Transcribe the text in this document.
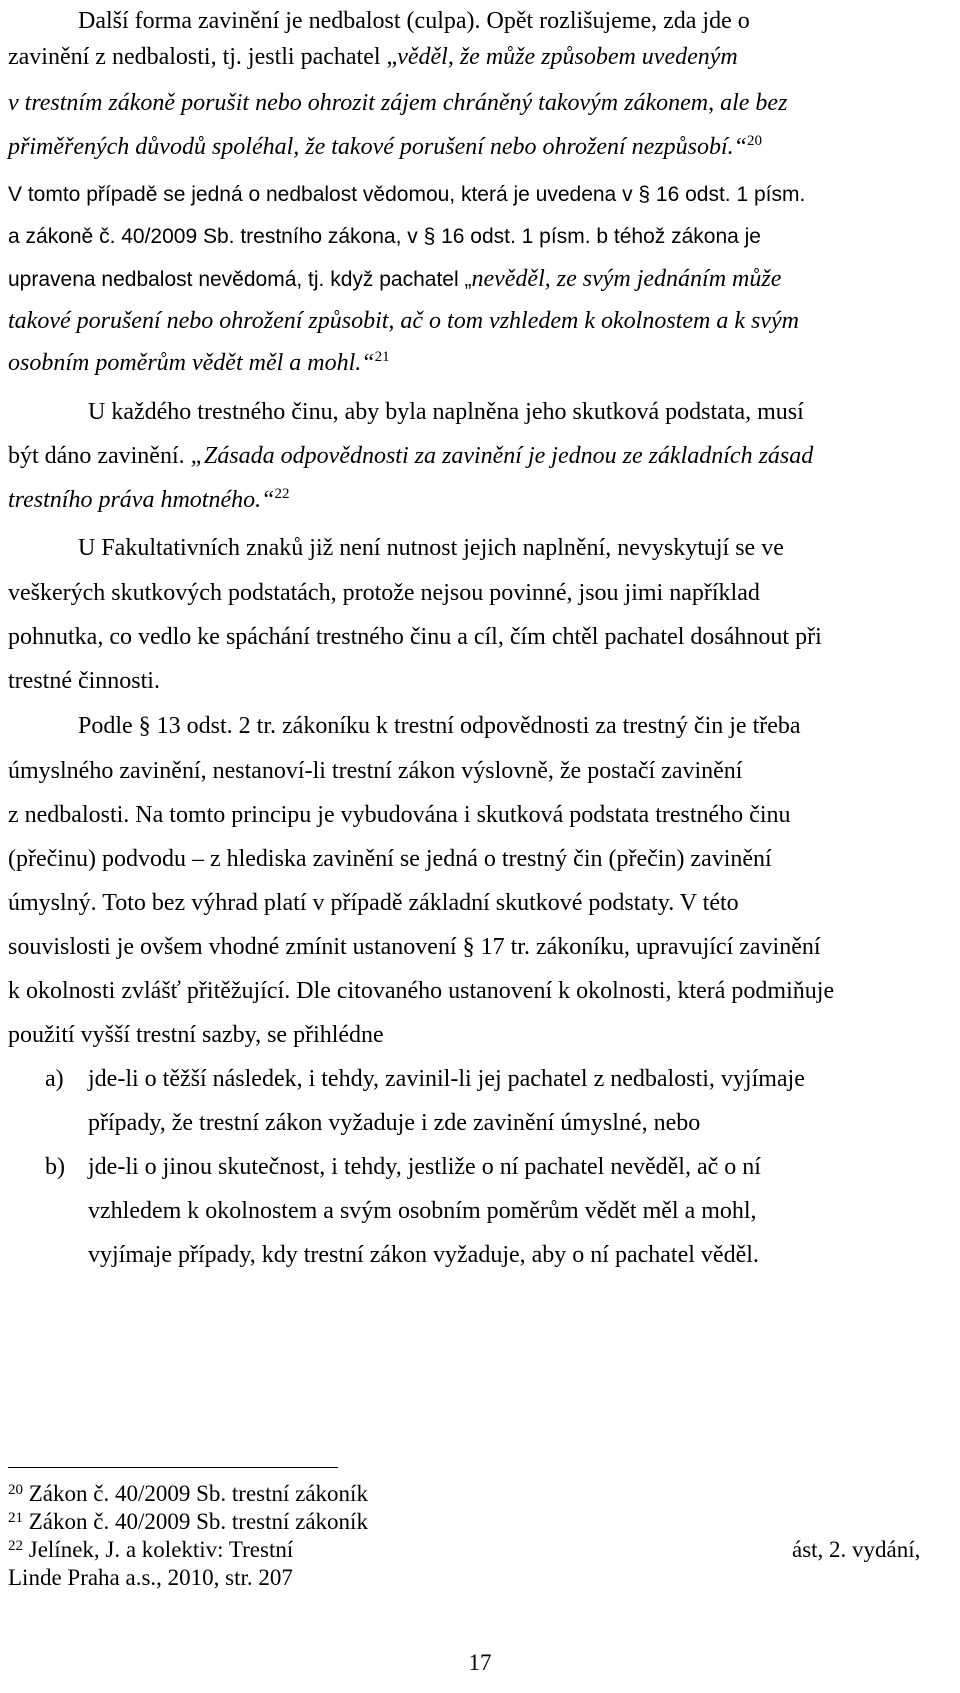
Další forma zavinění je nedbalost (culpa). Opět rozlišujeme, zda jde o
zavinění z nedbalosti, tj. jestli pachatel „věděl, že může způsobem uvedeným
v trestním zákoně porušit nebo ohrozit zájem chráněný takovým zákonem, ale bez
přiměřených důvodů spoléhal, že takové porušení nebo ohrožení nezpůsobí.“$^{20}$
V tomto případě se jedná o nedbalost vědomou, která je uvedena v § 16 odst. 1 písm.
a zákoně č. 40/2009 Sb. trestního zákona, v § 16 odst. 1 písm. b téhož zákona je
upravena nedbalost nevědomá, tj. když pachatel „nevěděl, ze svým jednáním může
takové porušení nebo ohrožení způsobit, ač o tom vzhledem k okolnostem a k svým
osobním poměrům vědět měl a mohl.“$^{21}$
U každého trestného činu, aby byla naplněna jeho skutková podstata, musí
být dáno zavinění. „Zásada odpovědnosti za zavinění je jednou ze základních zásad
trestního práva hmotného.“$^{22}$
U Fakultativních znaků již není nutnost jejich naplnění, nevyskytují se ve
veškerých skutkových podstatách, protože nejsou povinné, jsou jimi například
pohnutka, co vedlo ke spáchání trestného činu a cíl, čím chtěl pachatel dosáhnout při
trestné činnosti.
Podle § 13 odst. 2 tr. zákoníku k trestní odpovědnosti za trestný čin je třeba
úmyslného zavinění, nestanoví-li trestní zákon výslovně, že postačí zavinění
z nedbalosti. Na tomto principu je vybudována i skutková podstata trestného činu
(přečinu) podvodu – z hlediska zavinění se jedná o trestný čin (přečin) zavinění
úmyslný. Toto bez výhrad platí v případě základní skutkové podstaty. V této
souvislosti je ovšem vhodné zmínit ustanovení § 17 tr. zákoníku, upravující zavinění
k okolnosti zvlášť přitěžující. Dle citovaného ustanovení k okolnosti, která podmiňuje
použití vyšší trestní sazby, se přihlédne
a) jde-li o těžší následek, i tehdy, zavinil-li jej pachatel z nedbalosti, vyjímaje
případy, že trestní zákon vyžaduje i zde zavinění úmyslné, nebo
b) jde-li o jinou skutečnost, i tehdy, jestliže o ní pachatel nevěděl, ač o ní
vzhledem k okolnostem a svým osobním poměrům vědět měl a mohl,
vyjímaje případy, kdy trestní zákon vyžaduje, aby o ní pachatel věděl.
$^{20}$ Zákon č. 40/2009 Sb. trestní zákoník
$^{21}$ Zákon č. 40/2009 Sb. trestní zákoník
$^{22}$ Jelínek, J. a kolektiv: Trestní	ást, 2. vydání,
Linde Praha a.s., 2010, str. 207
17
